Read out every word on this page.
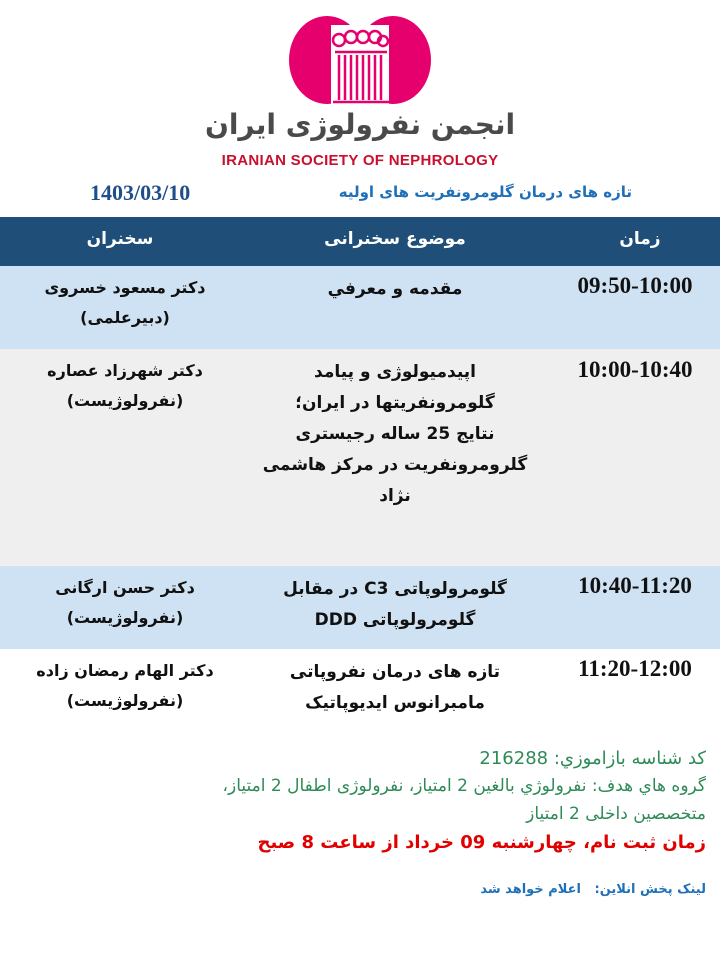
انجمن نفرولوژی ایران
IRANIAN SOCIETY OF NEPHROLOGY
تازه های درمان گلومرونفریت های اولیه
1403/03/10
زمان
موضوع سخنرانی
سخنران
09:50-10:00
مقدمه و معرفي
دکتر مسعود خسروی
(دبیرعلمی)
10:00-10:40
اپیدمیولوژی و پیامد
گلومرونفریتها در ایران؛
نتایج 25 ساله رجیستری
گلرومرونفریت در مرکز هاشمی
نژاد
دکتر شهرزاد عصاره
(نفرولوژیست)
10:40-11:20
گلومرولوپاتی C3 در مقابل
گلومرولوپاتی DDD
دکتر حسن ارگانی
(نفرولوژیست)
11:20-12:00
تازه های درمان نفروپاتی
مامبرانوس ایدیوپاتیک
دکتر الهام رمضان زاده
(نفرولوژیست)
کد شناسه بازاموزي: 216288
گروه هاي هدف: نفرولوژي بالغين 2 امتياز، نفرولوژی اطفال 2 امتیاز،
متخصصین داخلی 2 امتیاز
زمان ثبت نام، چهارشنبه 09 خرداد از ساعت 8 صبح
لینک پخش انلاین:   اعلام خواهد شد
